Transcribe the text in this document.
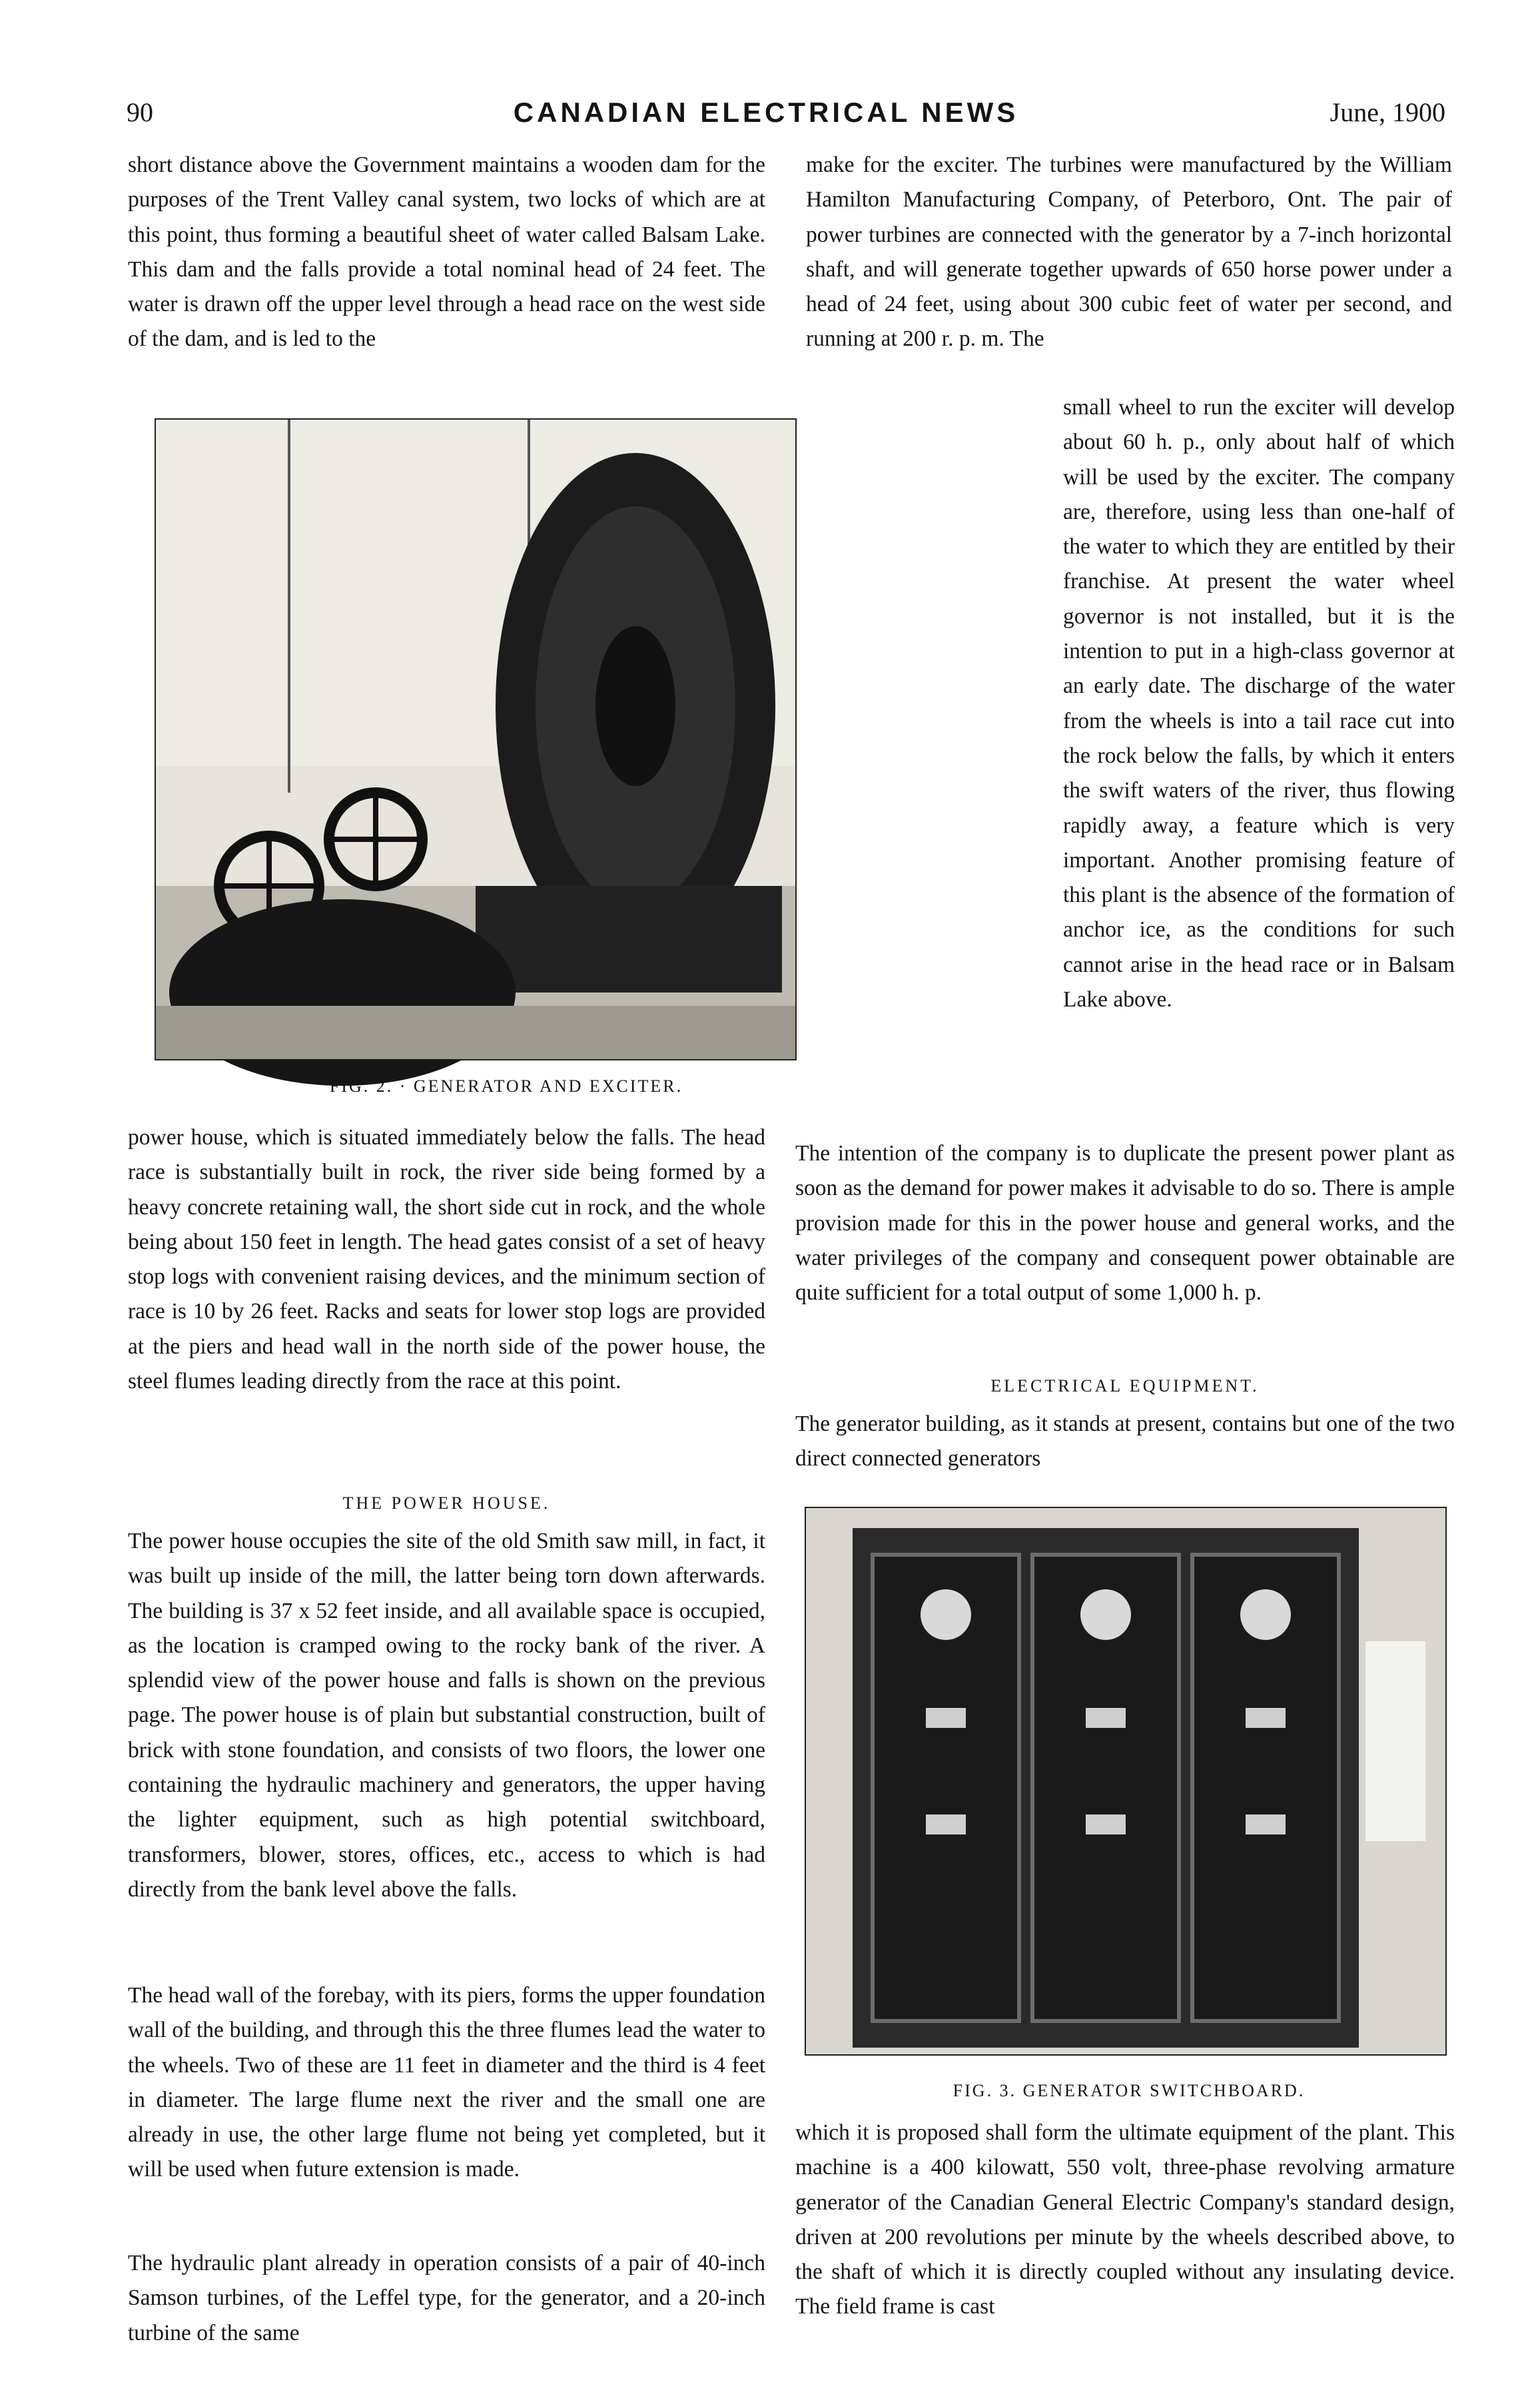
90	CANADIAN ELECTRICAL NEWS	June, 1900

short distance above the Government maintains a wooden dam for the purposes of the Trent Valley canal system, two locks of which are at this point, thus forming a beautiful sheet of water called Balsam Lake. This dam and the falls provide a total nominal head of 24 feet. The water is drawn off the upper level through a head race on the west side of the dam, and is led to the

FIG. 2. · GENERATOR AND EXCITER.

power house, which is situated immediately below the falls. The head race is substantially built in rock, the river side being formed by a heavy concrete retaining wall, the short side cut in rock, and the whole being about 150 feet in length. The head gates consist of a set of heavy stop logs with convenient raising devices, and the minimum section of race is 10 by 26 feet. Racks and seats for lower stop logs are provided at the piers and head wall in the north side of the power house, the steel flumes leading directly from the race at this point.

THE POWER HOUSE.

The power house occupies the site of the old Smith saw mill, in fact, it was built up inside of the mill, the latter being torn down afterwards. The building is 37 x 52 feet inside, and all available space is occupied, as the location is cramped owing to the rocky bank of the river. A splendid view of the power house and falls is shown on the previous page. The power house is of plain but substantial construction, built of brick with stone foundation, and consists of two floors, the lower one containing the hydraulic machinery and generators, the upper having the lighter equipment, such as high potential switchboard, transformers, blower, stores, offices, etc., access to which is had directly from the bank level above the falls.

The head wall of the forebay, with its piers, forms the upper foundation wall of the building, and through this the three flumes lead the water to the wheels. Two of these are 11 feet in diameter and the third is 4 feet in diameter. The large flume next the river and the small one are already in use, the other large flume not being yet completed, but it will be used when future extension is made.

The hydraulic plant already in operation consists of a pair of 40-inch Samson turbines, of the Leffel type, for the generator, and a 20-inch turbine of the same

make for the exciter. The turbines were manufactured by the William Hamilton Manufacturing Company, of Peterboro, Ont. The pair of power turbines are connected with the generator by a 7-inch horizontal shaft, and will generate together upwards of 650 horse power under a head of 24 feet, using about 300 cubic feet of water per second, and running at 200 r. p. m. The

small wheel to run the exciter will develop about 60 h. p., only about half of which will be used by the exciter. The company are, therefore, using less than one-half of the water to which they are entitled by their franchise. At present the water wheel governor is not installed, but it is the intention to put in a high-class governor at an early date. The discharge of the water from the wheels is into a tail race cut into the rock below the falls, by which it enters the swift waters of the river, thus flowing rapidly away, a feature which is very important. Another promising feature of this plant is the absence of the formation of anchor ice, as the conditions for such cannot arise in the head race or in Balsam Lake above.

The intention of the company is to duplicate the present power plant as soon as the demand for power makes it advisable to do so. There is ample provision made for this in the power house and general works, and the water privileges of the company and consequent power obtainable are quite sufficient for a total output of some 1,000 h. p.

ELECTRICAL EQUIPMENT.

The generator building, as it stands at present, contains but one of the two direct connected generators

FIG. 3. GENERATOR SWITCHBOARD.

which it is proposed shall form the ultimate equipment of the plant. This machine is a 400 kilowatt, 550 volt, three-phase revolving armature generator of the Canadian General Electric Company's standard design, driven at 200 revolutions per minute by the wheels described above, to the shaft of which it is directly coupled without any insulating device. The field frame is cast
